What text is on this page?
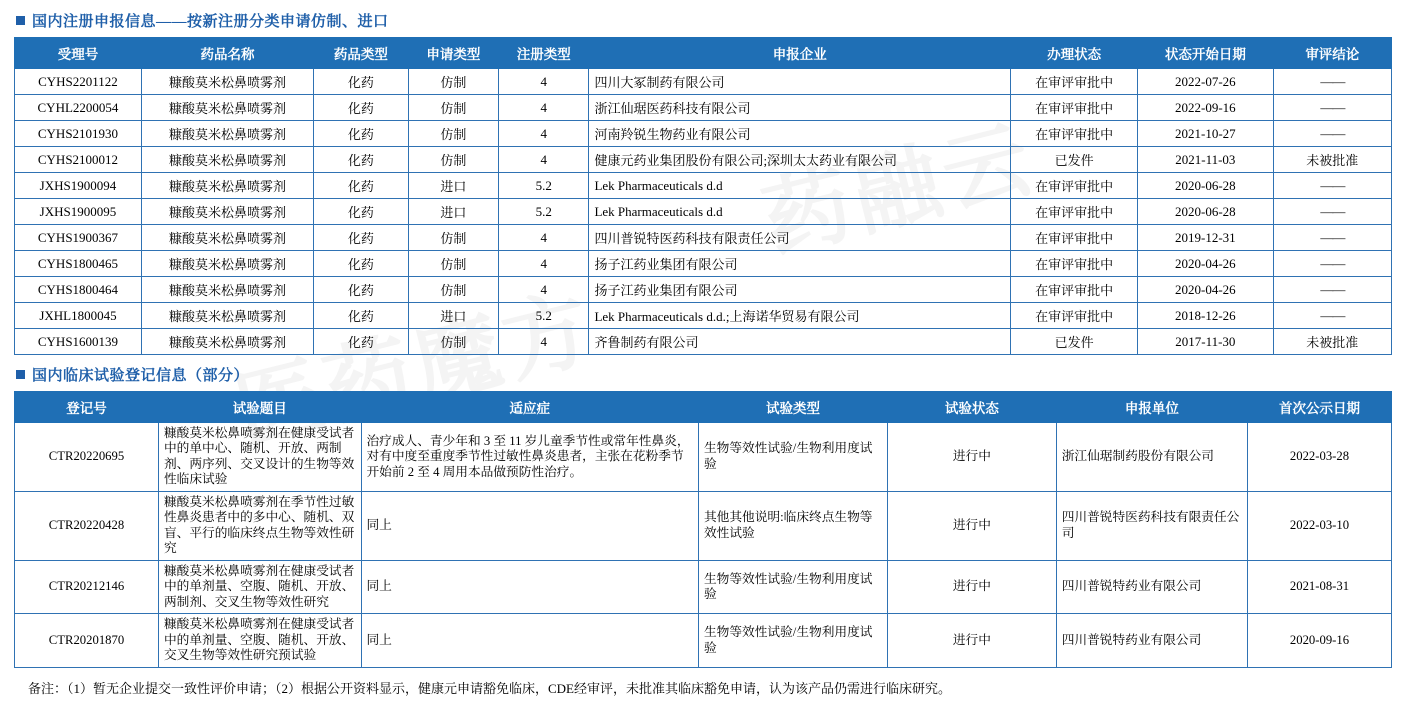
国内注册申报信息——按新注册分类申请仿制、进口
受理号	药品名称	药品类型	申请类型	注册类型	申报企业	办理状态	状态开始日期	审评结论
CYHS2201122	糠酸莫米松鼻喷雾剂	化药	仿制	4	四川大冢制药有限公司	在审评审批中	2022-07-26	——
CYHL2200054	糠酸莫米松鼻喷雾剂	化药	仿制	4	浙江仙琚医药科技有限公司	在审评审批中	2022-09-16	——
CYHS2101930	糠酸莫米松鼻喷雾剂	化药	仿制	4	河南羚锐生物药业有限公司	在审评审批中	2021-10-27	——
CYHS2100012	糠酸莫米松鼻喷雾剂	化药	仿制	4	健康元药业集团股份有限公司;深圳太太药业有限公司	已发件	2021-11-03	未被批准
JXHS1900094	糠酸莫米松鼻喷雾剂	化药	进口	5.2	Lek Pharmaceuticals d.d	在审评审批中	2020-06-28	——
JXHS1900095	糠酸莫米松鼻喷雾剂	化药	进口	5.2	Lek Pharmaceuticals d.d	在审评审批中	2020-06-28	——
CYHS1900367	糠酸莫米松鼻喷雾剂	化药	仿制	4	四川普锐特医药科技有限责任公司	在审评审批中	2019-12-31	——
CYHS1800465	糠酸莫米松鼻喷雾剂	化药	仿制	4	扬子江药业集团有限公司	在审评审批中	2020-04-26	——
CYHS1800464	糠酸莫米松鼻喷雾剂	化药	仿制	4	扬子江药业集团有限公司	在审评审批中	2020-04-26	——
JXHL1800045	糠酸莫米松鼻喷雾剂	化药	进口	5.2	Lek Pharmaceuticals d.d.;上海诺华贸易有限公司	在审评审批中	2018-12-26	——
CYHS1600139	糠酸莫米松鼻喷雾剂	化药	仿制	4	齐鲁制药有限公司	已发件	2017-11-30	未被批准
国内临床试验登记信息（部分）
登记号	试验题目	适应症	试验类型	试验状态	申报单位	首次公示日期
CTR20220695	糠酸莫米松鼻喷雾剂在健康受试者中的单中心、随机、开放、两制剂、两序列、交叉设计的生物等效性临床试验	治疗成人、青少年和 3 至 11 岁儿童季节性或常年性鼻炎，对有中度至重度季节性过敏性鼻炎患者，主张在花粉季节开始前 2 至 4 周用本品做预防性治疗。	生物等效性试验/生物利用度试验	进行中	浙江仙琚制药股份有限公司	2022-03-28
CTR20220428	糠酸莫米松鼻喷雾剂在季节性过敏性鼻炎患者中的多中心、随机、双盲、平行的临床终点生物等效性研究	同上	其他其他说明:临床终点生物等效性试验	进行中	四川普锐特医药科技有限责任公司	2022-03-10
CTR20212146	糠酸莫米松鼻喷雾剂在健康受试者中的单剂量、空腹、随机、开放、两制剂、交叉生物等效性研究	同上	生物等效性试验/生物利用度试验	进行中	四川普锐特药业有限公司	2021-08-31
CTR20201870	糠酸莫米松鼻喷雾剂在健康受试者中的单剂量、空腹、随机、开放、交叉生物等效性研究预试验	同上	生物等效性试验/生物利用度试验	进行中	四川普锐特药业有限公司	2020-09-16
备注：（1）暂无企业提交一致性评价申请；（2）根据公开资料显示，健康元申请豁免临床，CDE经审评，未批准其临床豁免申请，认为该产品仍需进行临床研究。
